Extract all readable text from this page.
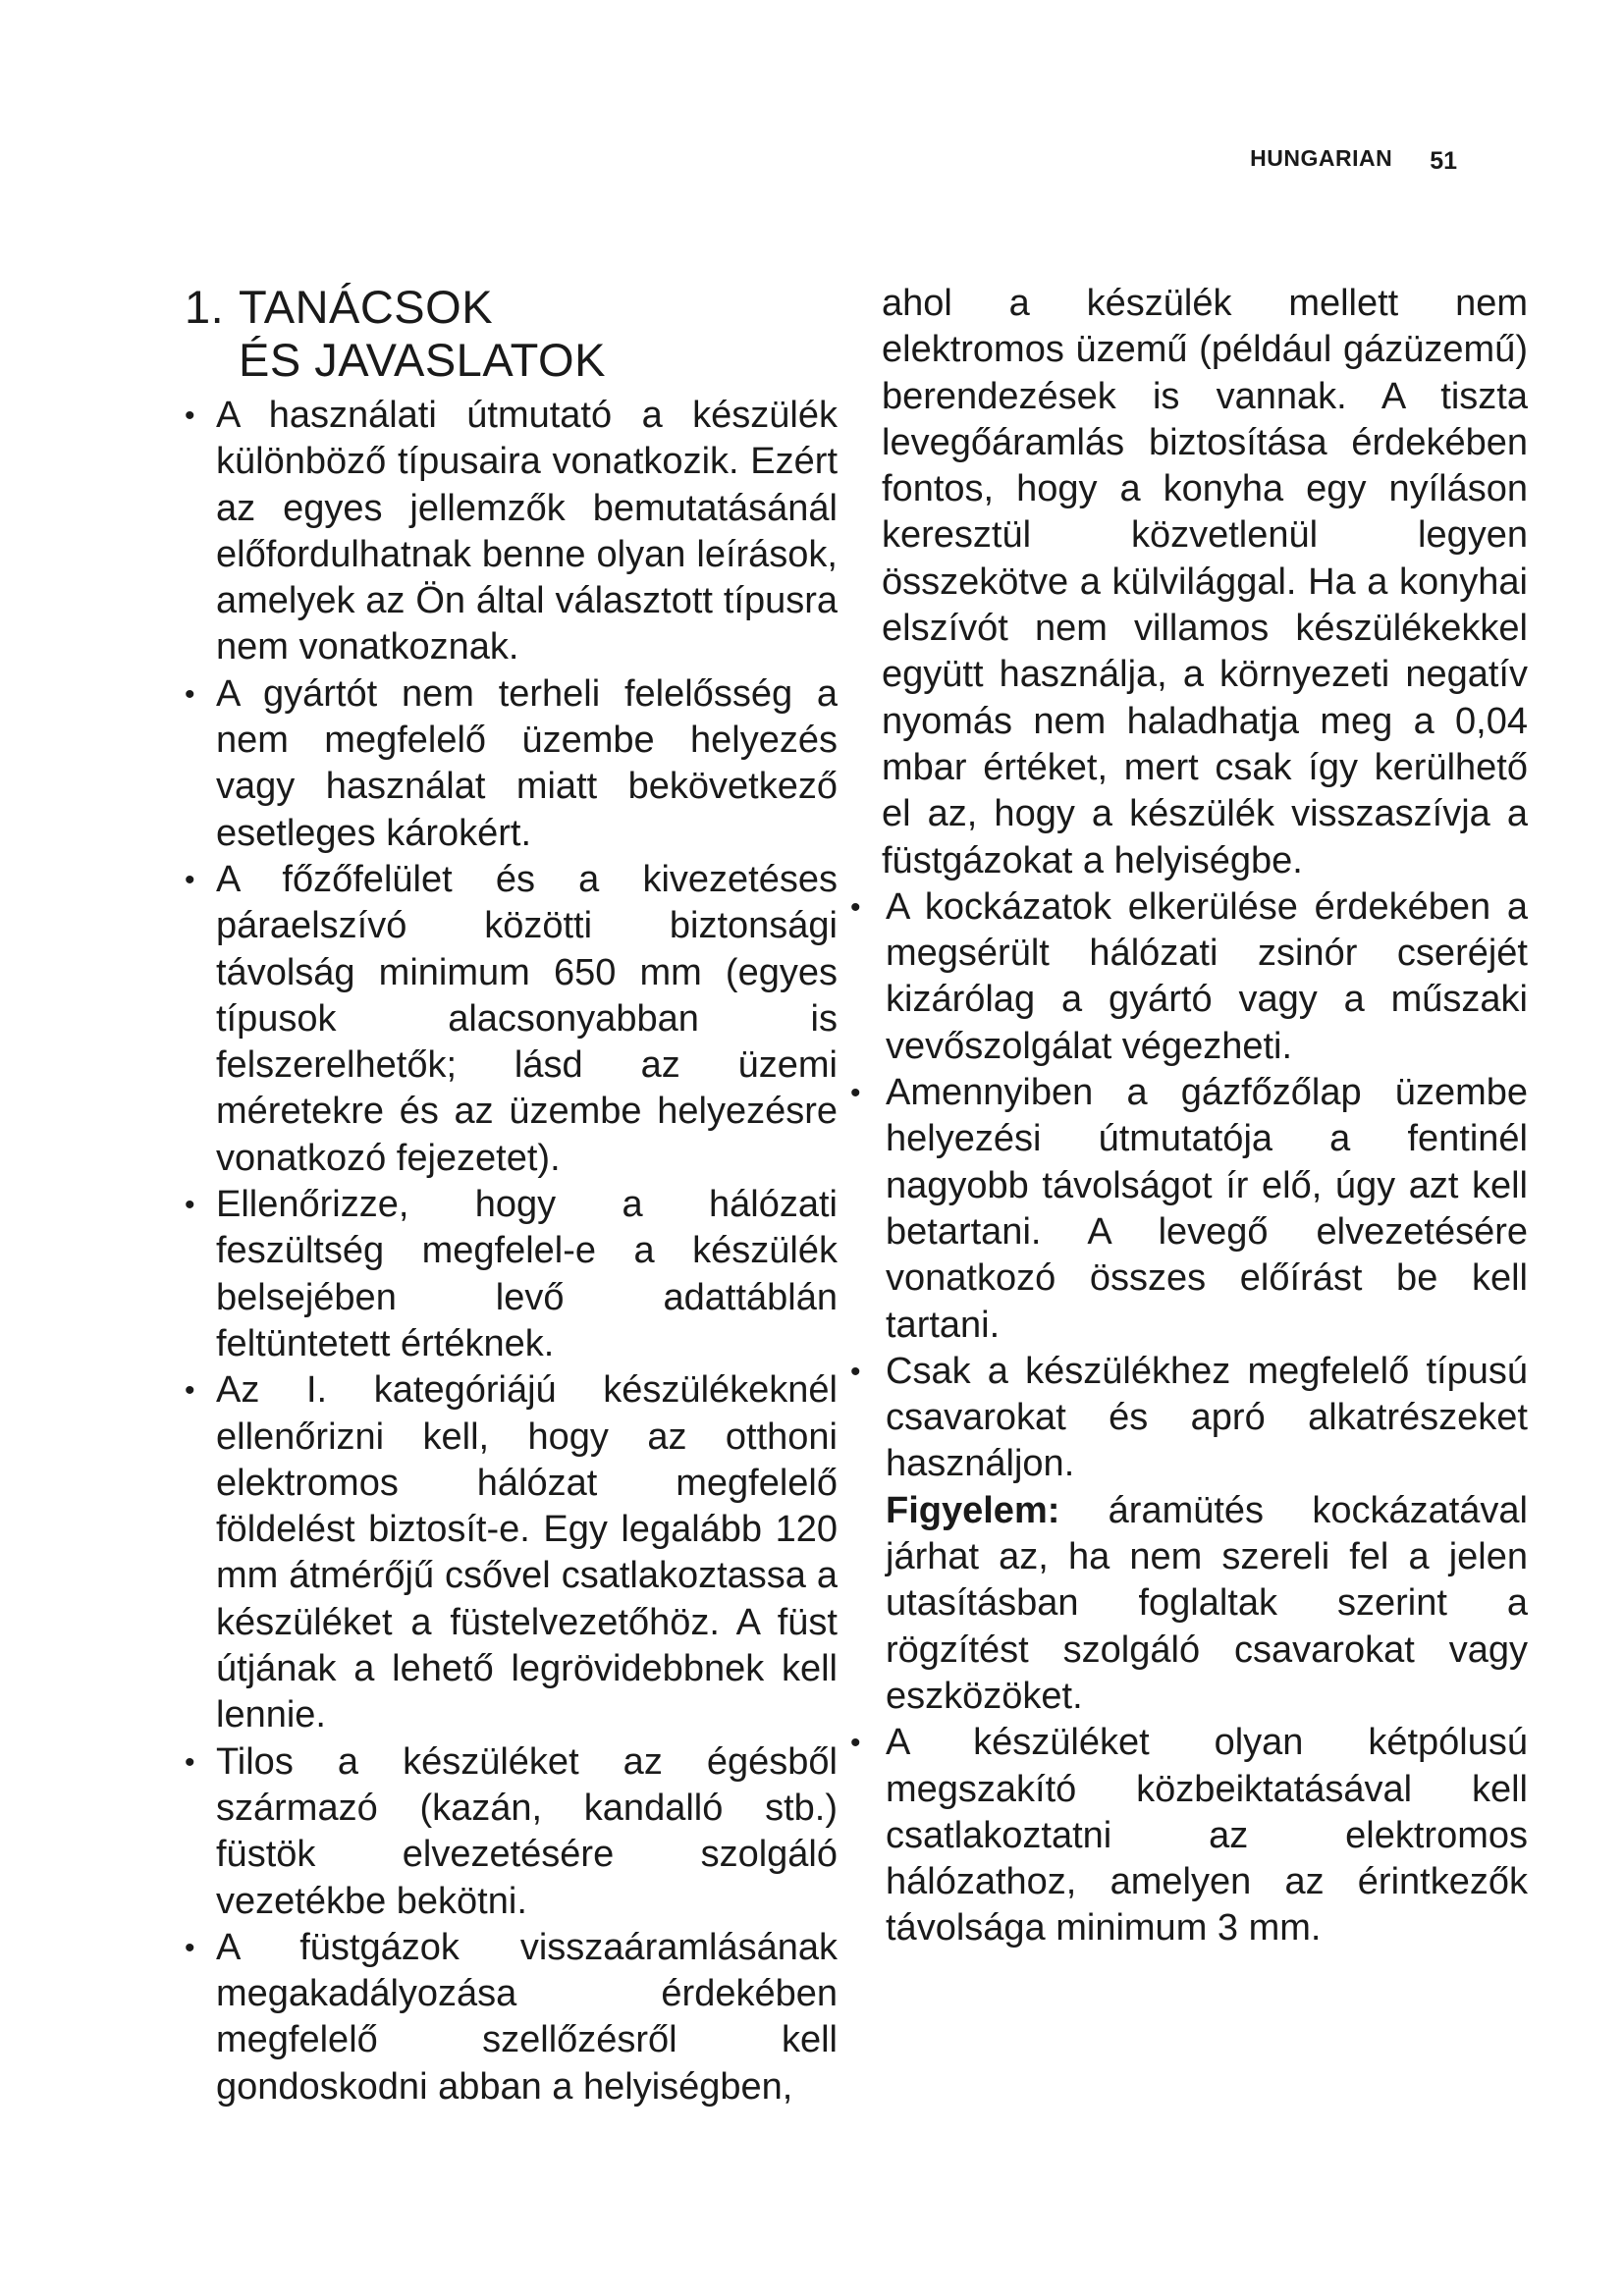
HUNGARIAN 51
1. TANÁCSOK
ÉS JAVASLATOK
• A használati útmutató a készülék különböző típusaira vonatkozik. Ezért az egyes jellemzők bemutatásánál előfordulhatnak benne olyan leírások, amelyek az Ön által választott típusra nem vonatkoznak.
• A gyártót nem terheli felelősség a nem megfelelő üzembe helyezés vagy használat miatt bekövetkező esetleges károkért.
• A főzőfelület és a kivezetéses páraelszívó közötti biztonsági távolság minimum 650 mm (egyes típusok alacsonyabban is felszerelhetők; lásd az üzemi méretekre és az üzembe helyezésre vonatkozó fejezetet).
• Ellenőrizze, hogy a hálózati feszültség megfelel-e a készülék belsejében levő adattáblán feltüntetett értéknek.
• Az I. kategóriájú készülékeknél ellenőrizni kell, hogy az otthoni elektromos hálózat megfelelő földelést biztosít-e. Egy legalább 120 mm átmérőjű csővel csatlakoztassa a készüléket a füstelvezetőhöz. A füst útjának a lehető legrövidebbnek kell lennie.
• Tilos a készüléket az égésből származó (kazán, kandalló stb.) füstök elvezetésére szolgáló vezetékbe bekötni.
• A füstgázok visszaáramlásának megakadályozása érdekében megfelelő szellőzésről kell gondoskodni abban a helyiségben,

ahol a készülék mellett nem elektromos üzemű (például gázüzemű) berendezések is vannak. A tiszta levegőáramlás biztosítása érdekében fontos, hogy a konyha egy nyíláson keresztül közvetlenül legyen összekötve a külvilággal. Ha a konyhai elszívót nem villamos készülékekkel együtt használja, a környezeti negatív nyomás nem haladhatja meg a 0,04 mbar értéket, mert csak így kerülhető el az, hogy a készülék visszaszívja a füstgázokat a helyiségbe.

• A kockázatok elkerülése érdekében a megsérült hálózati zsinór cseréjét kizárólag a gyártó vagy a műszaki vevőszolgálat végezheti.
• Amennyiben a gázfőzőlap üzembe helyezési útmutatója a fentinél nagyobb távolságot ír elő, úgy azt kell betartani. A levegő elvezetésére vonatkozó összes előírást be kell tartani.
• Csak a készülékhez megfelelő típusú csavarokat és apró alkatrészeket használjon.
Figyelem: áramütés kockázatával járhat az, ha nem szereli fel a jelen utasításban foglaltak szerint a rögzítést szolgáló csavarokat vagy eszközöket.
• A készüléket olyan kétpólusú megszakító közbeiktatásával kell csatlakoztatni az elektromos hálózathoz, amelyen az érintkezők távolsága minimum 3 mm.
